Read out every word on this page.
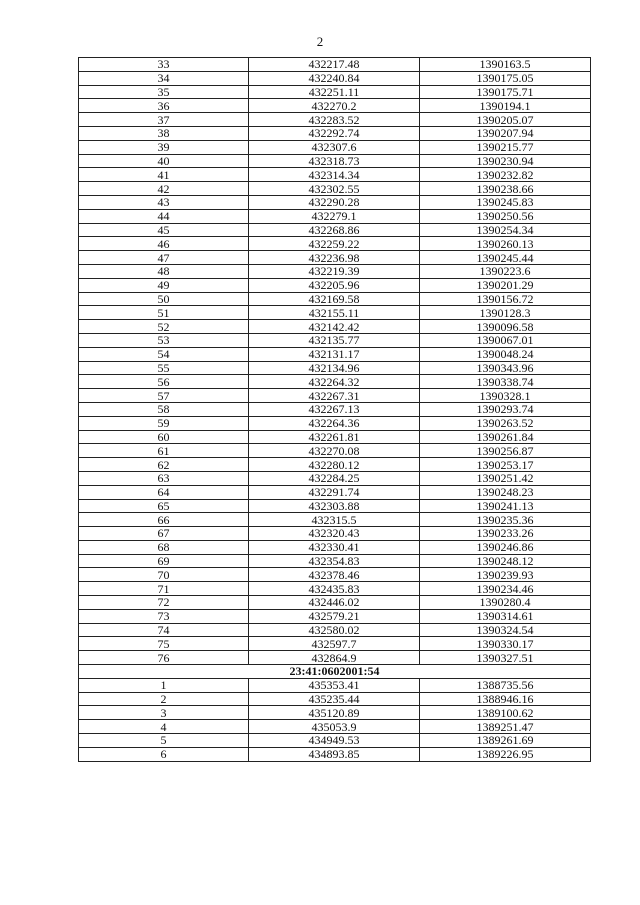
2
33	432217.48	1390163.5
34	432240.84	1390175.05
35	432251.11	1390175.71
36	432270.2	1390194.1
37	432283.52	1390205.07
38	432292.74	1390207.94
39	432307.6	1390215.77
40	432318.73	1390230.94
41	432314.34	1390232.82
42	432302.55	1390238.66
43	432290.28	1390245.83
44	432279.1	1390250.56
45	432268.86	1390254.34
46	432259.22	1390260.13
47	432236.98	1390245.44
48	432219.39	1390223.6
49	432205.96	1390201.29
50	432169.58	1390156.72
51	432155.11	1390128.3
52	432142.42	1390096.58
53	432135.77	1390067.01
54	432131.17	1390048.24
55	432134.96	1390343.96
56	432264.32	1390338.74
57	432267.31	1390328.1
58	432267.13	1390293.74
59	432264.36	1390263.52
60	432261.81	1390261.84
61	432270.08	1390256.87
62	432280.12	1390253.17
63	432284.25	1390251.42
64	432291.74	1390248.23
65	432303.88	1390241.13
66	432315.5	1390235.36
67	432320.43	1390233.26
68	432330.41	1390246.86
69	432354.83	1390248.12
70	432378.46	1390239.93
71	432435.83	1390234.46
72	432446.02	1390280.4
73	432579.21	1390314.61
74	432580.02	1390324.54
75	432597.7	1390330.17
76	432864.9	1390327.51
23:41:0602001:54		
1	435353.41	1388735.56
2	435235.44	1388946.16
3	435120.89	1389100.62
4	435053.9	1389251.47
5	434949.53	1389261.69
6	434893.85	1389226.95
